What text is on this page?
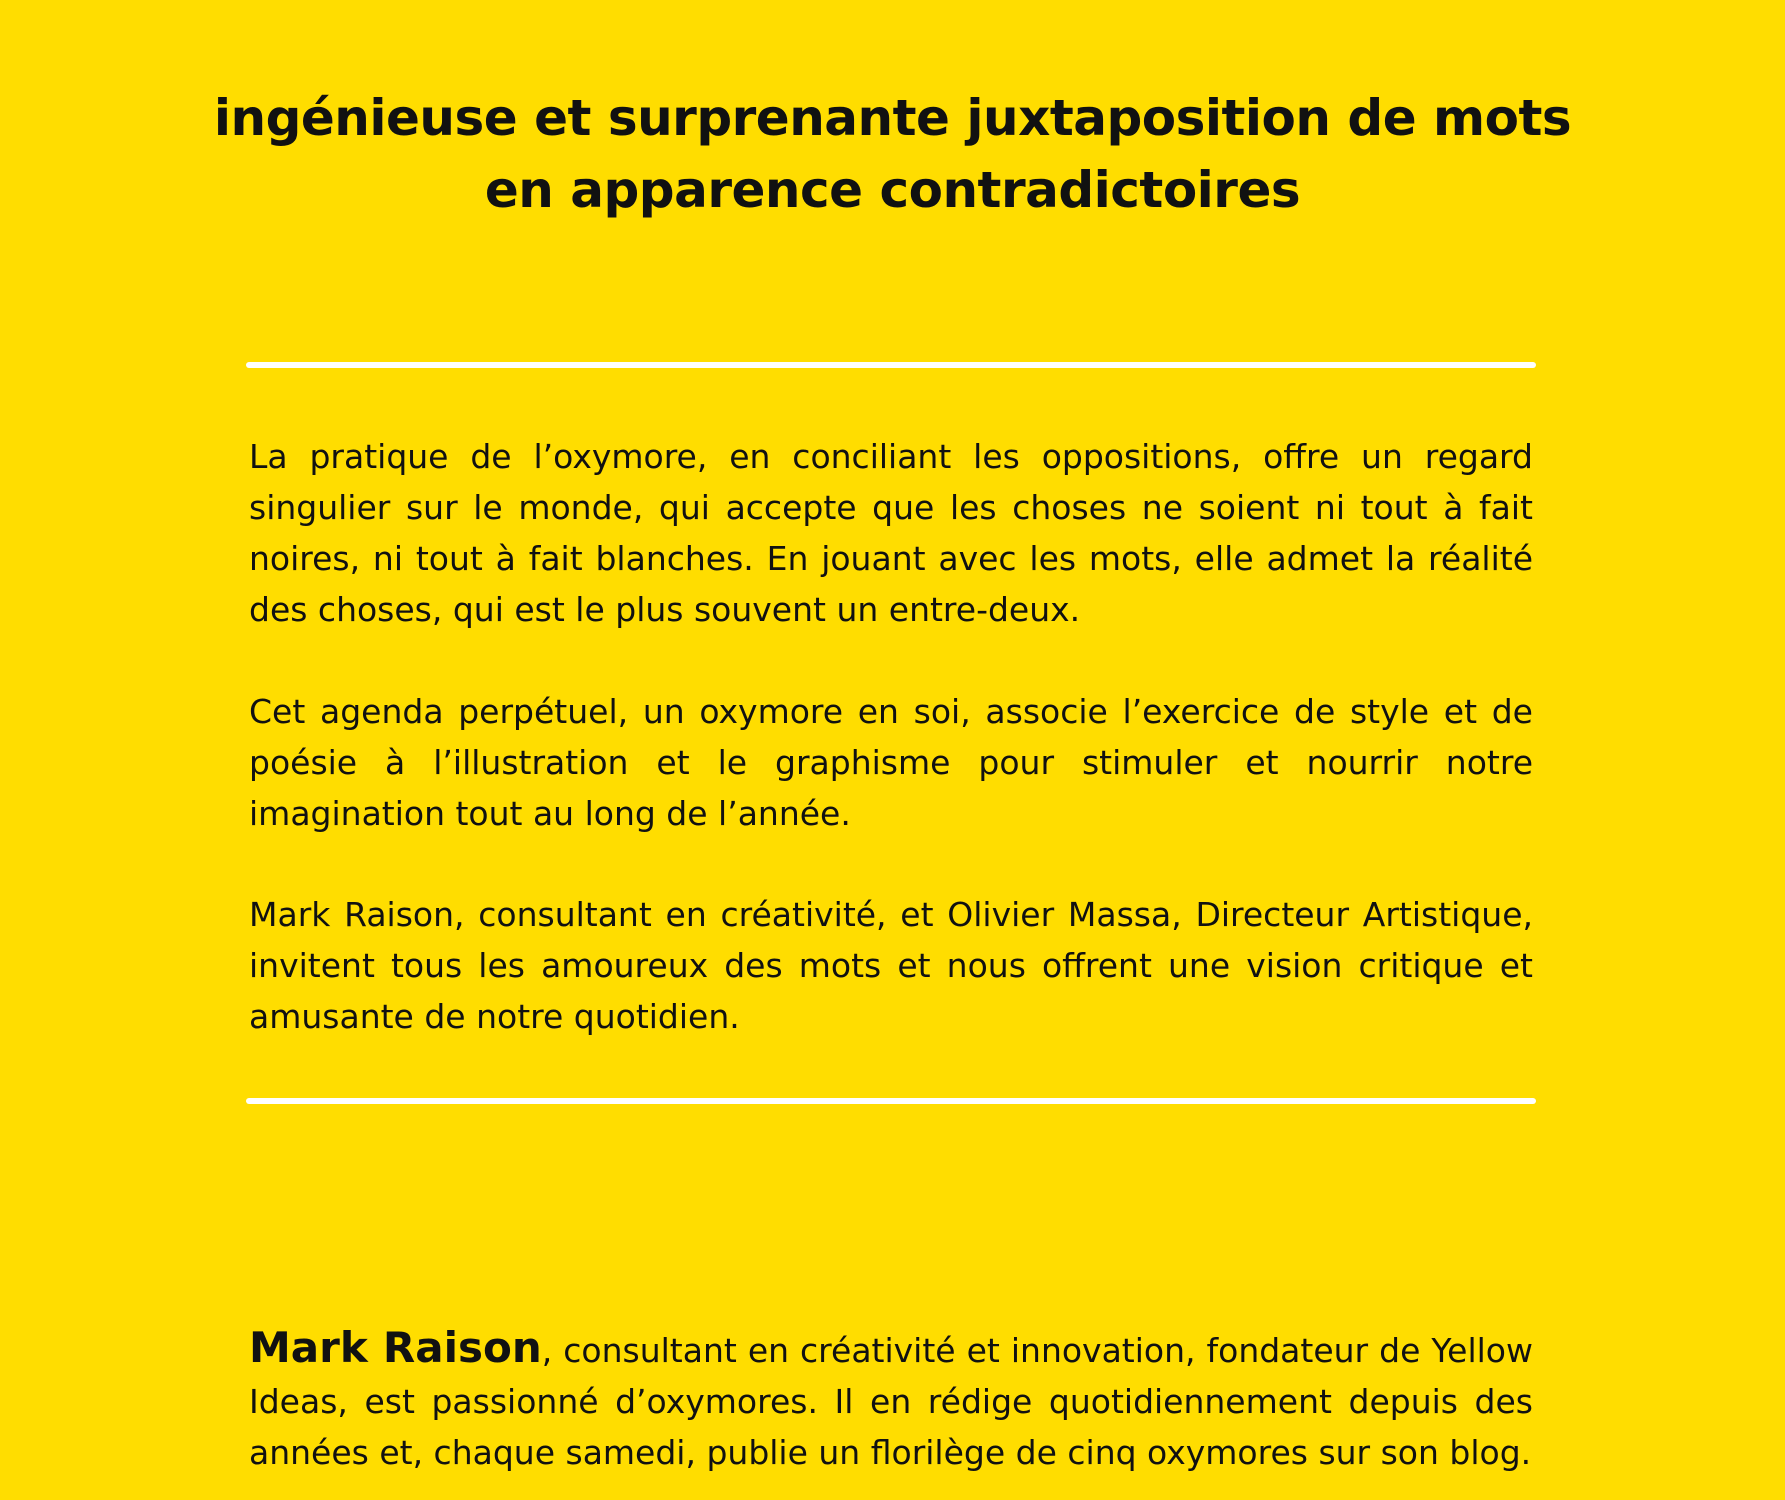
ingénieuse et surprenante juxtaposition de mots
en apparence contradictoires

La pratique de l’oxymore, en conciliant les oppositions, offre un regard singulier sur le monde, qui accepte que les choses ne soient ni tout à fait noires, ni tout à fait blanches. En jouant avec les mots, elle admet la réalité des choses, qui est le plus souvent un entre-deux.

Cet agenda perpétuel, un oxymore en soi, associe l’exercice de style et de poésie à l’illustration et le graphisme pour stimuler et nourrir notre imagination tout au long de l’année.

Mark Raison, consultant en créativité, et Olivier Massa, Directeur Artistique, invitent tous les amoureux des mots et nous offrent une vision critique et amusante de notre quotidien.

Mark Raison, consultant en créativité et innovation, fondateur de Yellow Ideas, est passionné d’oxymores. Il en rédige quotidiennement depuis des années et, chaque samedi, publie un florilège de cinq oxymores sur son blog.
